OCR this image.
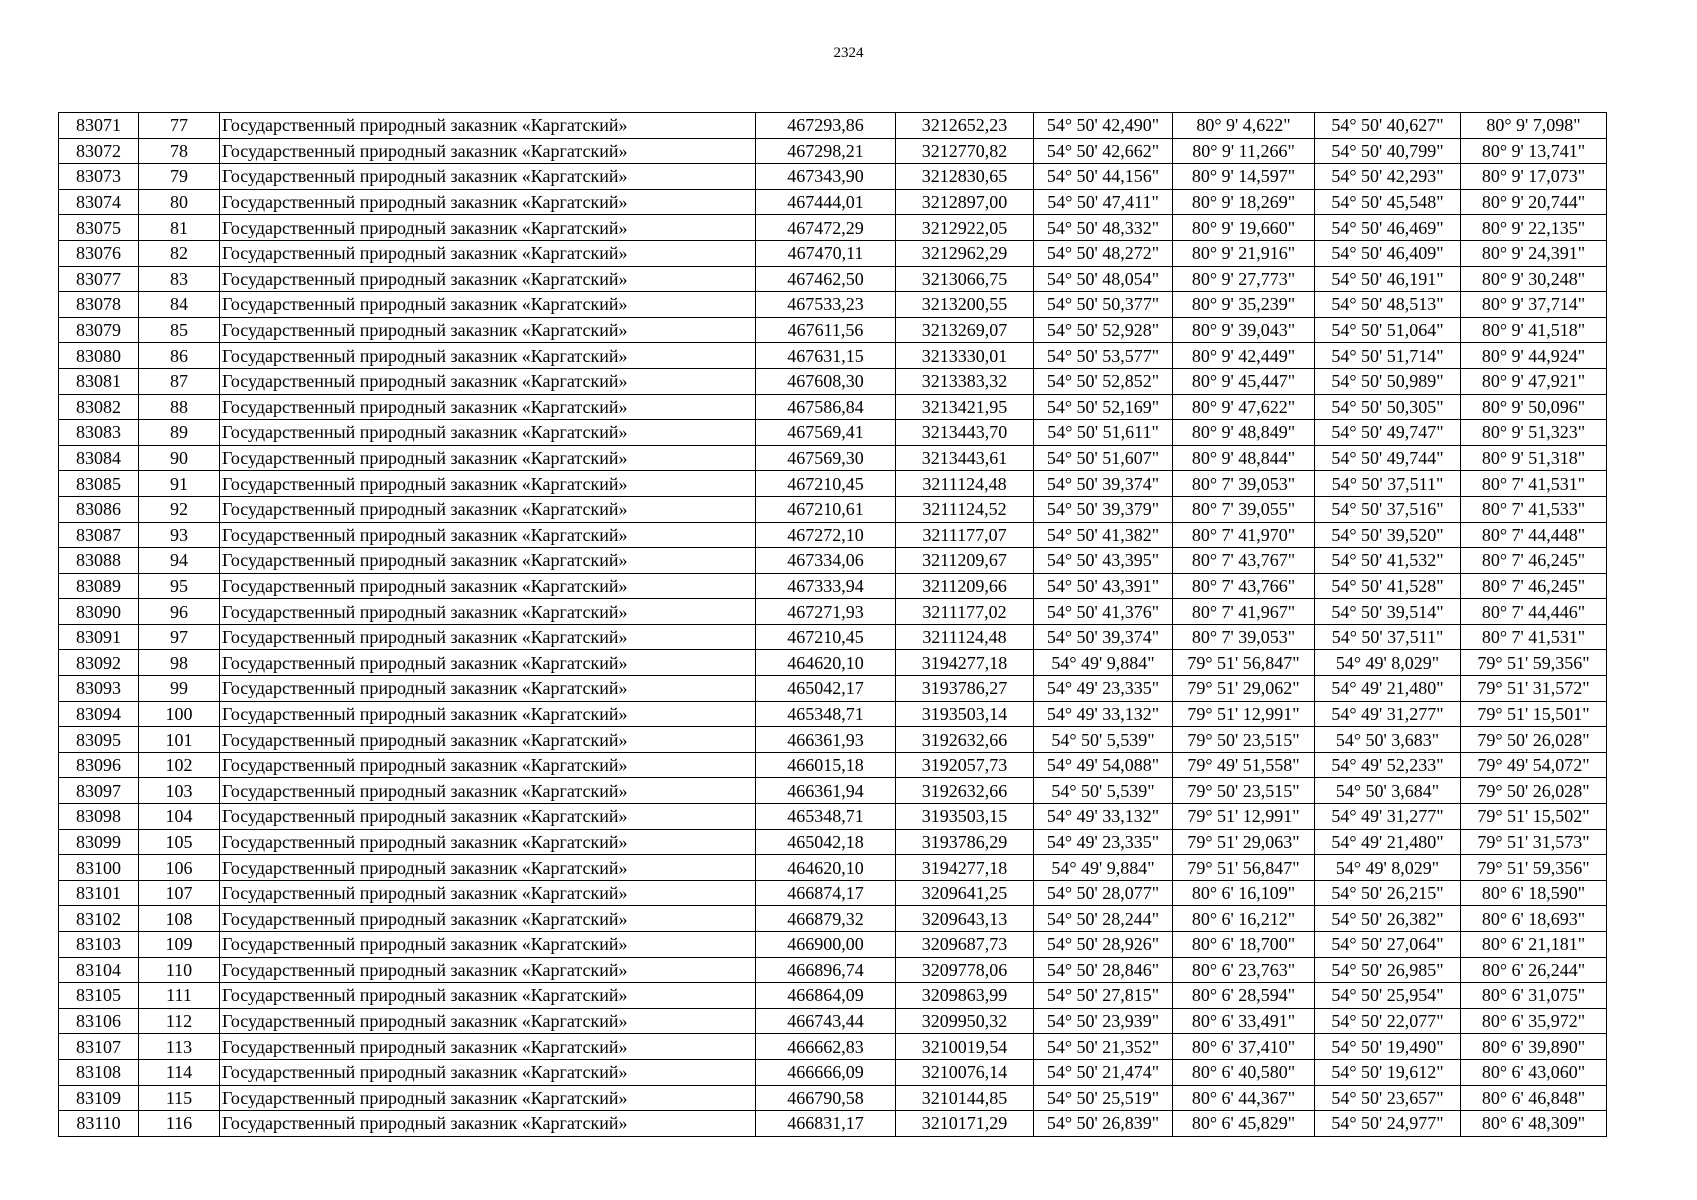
2324
83071	77	Государственный природный заказник «Каргатский»	467293,86	3212652,23	54° 50' 42,490"	80° 9' 4,622"	54° 50' 40,627"	80° 9' 7,098"
83072	78	Государственный природный заказник «Каргатский»	467298,21	3212770,82	54° 50' 42,662"	80° 9' 11,266"	54° 50' 40,799"	80° 9' 13,741"
83073	79	Государственный природный заказник «Каргатский»	467343,90	3212830,65	54° 50' 44,156"	80° 9' 14,597"	54° 50' 42,293"	80° 9' 17,073"
83074	80	Государственный природный заказник «Каргатский»	467444,01	3212897,00	54° 50' 47,411"	80° 9' 18,269"	54° 50' 45,548"	80° 9' 20,744"
83075	81	Государственный природный заказник «Каргатский»	467472,29	3212922,05	54° 50' 48,332"	80° 9' 19,660"	54° 50' 46,469"	80° 9' 22,135"
83076	82	Государственный природный заказник «Каргатский»	467470,11	3212962,29	54° 50' 48,272"	80° 9' 21,916"	54° 50' 46,409"	80° 9' 24,391"
83077	83	Государственный природный заказник «Каргатский»	467462,50	3213066,75	54° 50' 48,054"	80° 9' 27,773"	54° 50' 46,191"	80° 9' 30,248"
83078	84	Государственный природный заказник «Каргатский»	467533,23	3213200,55	54° 50' 50,377"	80° 9' 35,239"	54° 50' 48,513"	80° 9' 37,714"
83079	85	Государственный природный заказник «Каргатский»	467611,56	3213269,07	54° 50' 52,928"	80° 9' 39,043"	54° 50' 51,064"	80° 9' 41,518"
83080	86	Государственный природный заказник «Каргатский»	467631,15	3213330,01	54° 50' 53,577"	80° 9' 42,449"	54° 50' 51,714"	80° 9' 44,924"
83081	87	Государственный природный заказник «Каргатский»	467608,30	3213383,32	54° 50' 52,852"	80° 9' 45,447"	54° 50' 50,989"	80° 9' 47,921"
83082	88	Государственный природный заказник «Каргатский»	467586,84	3213421,95	54° 50' 52,169"	80° 9' 47,622"	54° 50' 50,305"	80° 9' 50,096"
83083	89	Государственный природный заказник «Каргатский»	467569,41	3213443,70	54° 50' 51,611"	80° 9' 48,849"	54° 50' 49,747"	80° 9' 51,323"
83084	90	Государственный природный заказник «Каргатский»	467569,30	3213443,61	54° 50' 51,607"	80° 9' 48,844"	54° 50' 49,744"	80° 9' 51,318"
83085	91	Государственный природный заказник «Каргатский»	467210,45	3211124,48	54° 50' 39,374"	80° 7' 39,053"	54° 50' 37,511"	80° 7' 41,531"
83086	92	Государственный природный заказник «Каргатский»	467210,61	3211124,52	54° 50' 39,379"	80° 7' 39,055"	54° 50' 37,516"	80° 7' 41,533"
83087	93	Государственный природный заказник «Каргатский»	467272,10	3211177,07	54° 50' 41,382"	80° 7' 41,970"	54° 50' 39,520"	80° 7' 44,448"
83088	94	Государственный природный заказник «Каргатский»	467334,06	3211209,67	54° 50' 43,395"	80° 7' 43,767"	54° 50' 41,532"	80° 7' 46,245"
83089	95	Государственный природный заказник «Каргатский»	467333,94	3211209,66	54° 50' 43,391"	80° 7' 43,766"	54° 50' 41,528"	80° 7' 46,245"
83090	96	Государственный природный заказник «Каргатский»	467271,93	3211177,02	54° 50' 41,376"	80° 7' 41,967"	54° 50' 39,514"	80° 7' 44,446"
83091	97	Государственный природный заказник «Каргатский»	467210,45	3211124,48	54° 50' 39,374"	80° 7' 39,053"	54° 50' 37,511"	80° 7' 41,531"
83092	98	Государственный природный заказник «Каргатский»	464620,10	3194277,18	54° 49' 9,884"	79° 51' 56,847"	54° 49' 8,029"	79° 51' 59,356"
83093	99	Государственный природный заказник «Каргатский»	465042,17	3193786,27	54° 49' 23,335"	79° 51' 29,062"	54° 49' 21,480"	79° 51' 31,572"
83094	100	Государственный природный заказник «Каргатский»	465348,71	3193503,14	54° 49' 33,132"	79° 51' 12,991"	54° 49' 31,277"	79° 51' 15,501"
83095	101	Государственный природный заказник «Каргатский»	466361,93	3192632,66	54° 50' 5,539"	79° 50' 23,515"	54° 50' 3,683"	79° 50' 26,028"
83096	102	Государственный природный заказник «Каргатский»	466015,18	3192057,73	54° 49' 54,088"	79° 49' 51,558"	54° 49' 52,233"	79° 49' 54,072"
83097	103	Государственный природный заказник «Каргатский»	466361,94	3192632,66	54° 50' 5,539"	79° 50' 23,515"	54° 50' 3,684"	79° 50' 26,028"
83098	104	Государственный природный заказник «Каргатский»	465348,71	3193503,15	54° 49' 33,132"	79° 51' 12,991"	54° 49' 31,277"	79° 51' 15,502"
83099	105	Государственный природный заказник «Каргатский»	465042,18	3193786,29	54° 49' 23,335"	79° 51' 29,063"	54° 49' 21,480"	79° 51' 31,573"
83100	106	Государственный природный заказник «Каргатский»	464620,10	3194277,18	54° 49' 9,884"	79° 51' 56,847"	54° 49' 8,029"	79° 51' 59,356"
83101	107	Государственный природный заказник «Каргатский»	466874,17	3209641,25	54° 50' 28,077"	80° 6' 16,109"	54° 50' 26,215"	80° 6' 18,590"
83102	108	Государственный природный заказник «Каргатский»	466879,32	3209643,13	54° 50' 28,244"	80° 6' 16,212"	54° 50' 26,382"	80° 6' 18,693"
83103	109	Государственный природный заказник «Каргатский»	466900,00	3209687,73	54° 50' 28,926"	80° 6' 18,700"	54° 50' 27,064"	80° 6' 21,181"
83104	110	Государственный природный заказник «Каргатский»	466896,74	3209778,06	54° 50' 28,846"	80° 6' 23,763"	54° 50' 26,985"	80° 6' 26,244"
83105	111	Государственный природный заказник «Каргатский»	466864,09	3209863,99	54° 50' 27,815"	80° 6' 28,594"	54° 50' 25,954"	80° 6' 31,075"
83106	112	Государственный природный заказник «Каргатский»	466743,44	3209950,32	54° 50' 23,939"	80° 6' 33,491"	54° 50' 22,077"	80° 6' 35,972"
83107	113	Государственный природный заказник «Каргатский»	466662,83	3210019,54	54° 50' 21,352"	80° 6' 37,410"	54° 50' 19,490"	80° 6' 39,890"
83108	114	Государственный природный заказник «Каргатский»	466666,09	3210076,14	54° 50' 21,474"	80° 6' 40,580"	54° 50' 19,612"	80° 6' 43,060"
83109	115	Государственный природный заказник «Каргатский»	466790,58	3210144,85	54° 50' 25,519"	80° 6' 44,367"	54° 50' 23,657"	80° 6' 46,848"
83110	116	Государственный природный заказник «Каргатский»	466831,17	3210171,29	54° 50' 26,839"	80° 6' 45,829"	54° 50' 24,977"	80° 6' 48,309"
